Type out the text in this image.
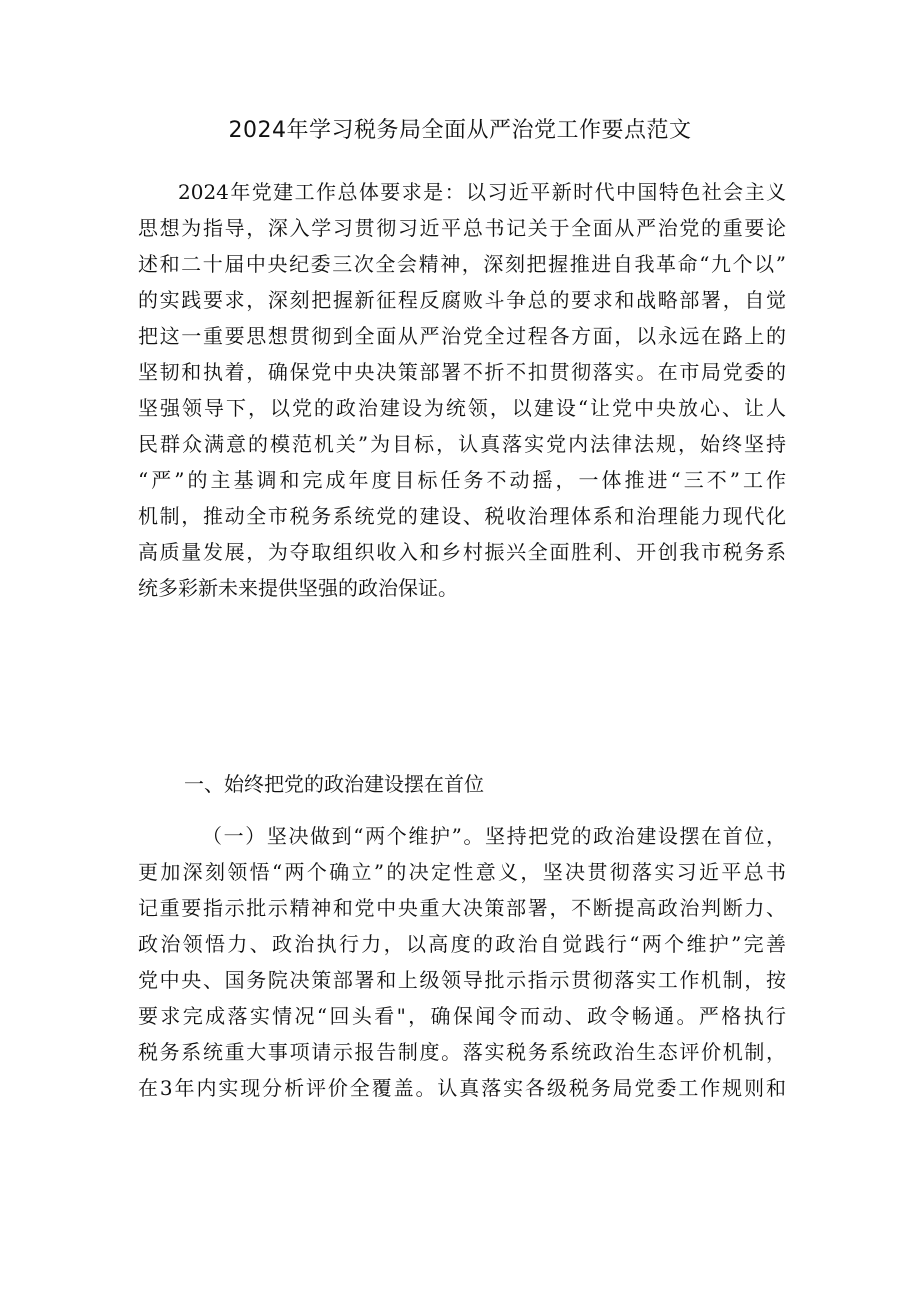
2024年学习税务局全面从严治党工作要点范文
2024年党建工作总体要求是：以习近平新时代中国特色社会主义
思想为指导，深入学习贯彻习近平总书记关于全面从严治党的重要论
述和二十届中央纪委三次全会精神，深刻把握推进自我革命“九个以”
的实践要求，深刻把握新征程反腐败斗争总的要求和战略部署，自觉
把这一重要思想贯彻到全面从严治党全过程各方面，以永远在路上的
坚韧和执着，确保党中央决策部署不折不扣贯彻落实。在市局党委的
坚强领导下，以党的政治建设为统领，以建设“让党中央放心、让人
民群众满意的模范机关”为目标，认真落实党内法律法规，始终坚持
“严”的主基调和完成年度目标任务不动摇，一体推进“三不”工作
机制，推动全市税务系统党的建设、税收治理体系和治理能力现代化
高质量发展，为夺取组织收入和乡村振兴全面胜利、开创我市税务系
统多彩新未来提供坚强的政治保证。
一、始终把党的政治建设摆在首位
（一）坚决做到“两个维护”。坚持把党的政治建设摆在首位，
更加深刻领悟“两个确立”的决定性意义，坚决贯彻落实习近平总书
记重要指示批示精神和党中央重大决策部署，不断提高政治判断力、
政治领悟力、政治执行力，以高度的政治自觉践行“两个维护”完善
党中央、国务院决策部署和上级领导批示指示贯彻落实工作机制，按
要求完成落实情况“回头看"，确保闻令而动、政令畅通。严格执行
税务系统重大事项请示报告制度。落实税务系统政治生态评价机制，
在3年内实现分析评价全覆盖。认真落实各级税务局党委工作规则和
